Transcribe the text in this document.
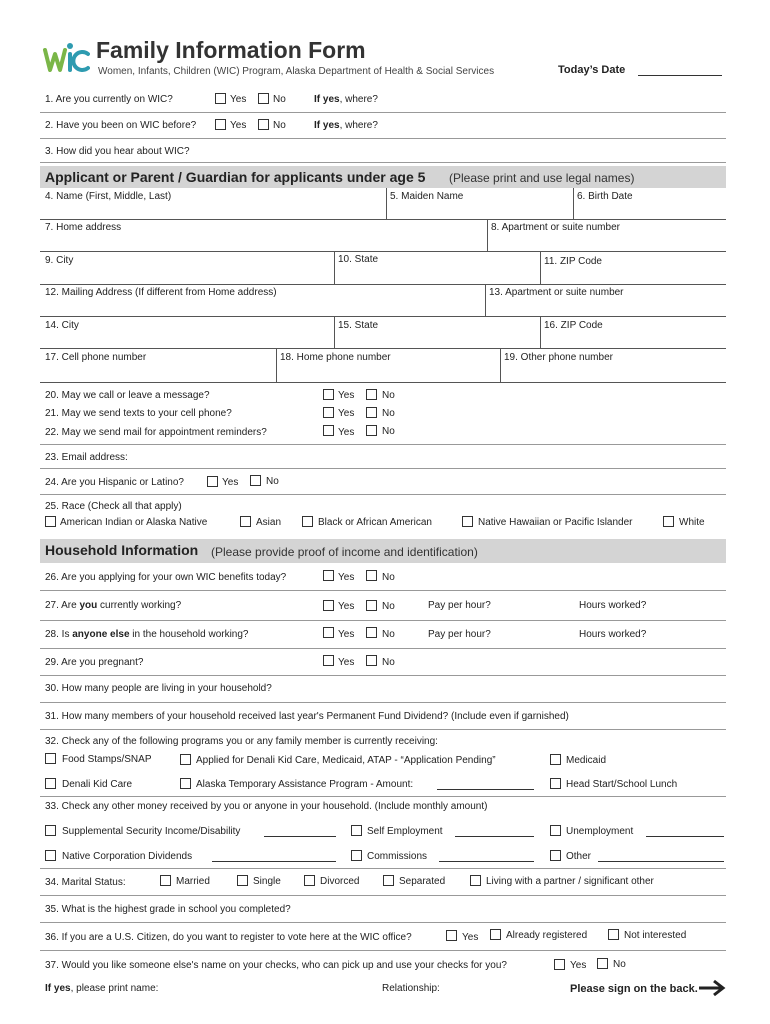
Family Information Form
Women, Infants, Children (WIC) Program, Alaska Department of Health & Social Services	Today’s Date
1. Are you currently on WIC?	Yes	No	If yes, where?
2. Have you been on WIC before?	Yes	No	If yes, where?
3. How did you hear about WIC?
Applicant or Parent / Guardian for applicants under age 5 (Please print and use legal names)
4. Name (First, Middle, Last)	5. Maiden Name	6. Birth Date
7. Home address	8. Apartment or suite number
9. City	10. State	11. ZIP Code
12. Mailing Address (If different from Home address)	13. Apartment or suite number
14. City	15. State	16. ZIP Code
17. Cell phone number	18. Home phone number	19. Other phone number
20. May we call or leave a message?	Yes	No
21. May we send texts to your cell phone?	Yes	No
22. May we send mail for appointment reminders?	Yes	No
23. Email address:
24. Are you Hispanic or Latino?	Yes	No
25. Race (Check all that apply)
American Indian or Alaska Native	Asian	Black or African American	Native Hawaiian or Pacific Islander	White
Household Information (Please provide proof of income and identification)
26. Are you applying for your own WIC benefits today?	Yes	No
27. Are you currently working?	Yes	No	Pay per hour?	Hours worked?
28. Is anyone else in the household working?	Yes	No	Pay per hour?	Hours worked?
29. Are you pregnant?	Yes	No
30. How many people are living in your household?
31. How many members of your household received last year's Permanent Fund Dividend? (Include even if garnished)
32. Check any of the following programs you or any family member is currently receiving:
Food Stamps/SNAP	Applied for Denali Kid Care, Medicaid, ATAP - “Application Pending”	Medicaid
Denali Kid Care	Alaska Temporary Assistance Program - Amount:	Head Start/School Lunch
33. Check any other money received by you or anyone in your household. (Include monthly amount)
Supplemental Security Income/Disability	Self Employment	Unemployment
Native Corporation Dividends	Commissions	Other
34. Marital Status:	Married	Single	Divorced	Separated	Living with a partner / significant other
35. What is the highest grade in school you completed?
36. If you are a U.S. Citizen, do you want to register to vote here at the WIC office?	Yes	Already registered	Not interested
37. Would you like someone else's name on your checks, who can pick up and use your checks for you?	Yes	No
If yes, please print name:	Relationship:	Please sign on the back.
